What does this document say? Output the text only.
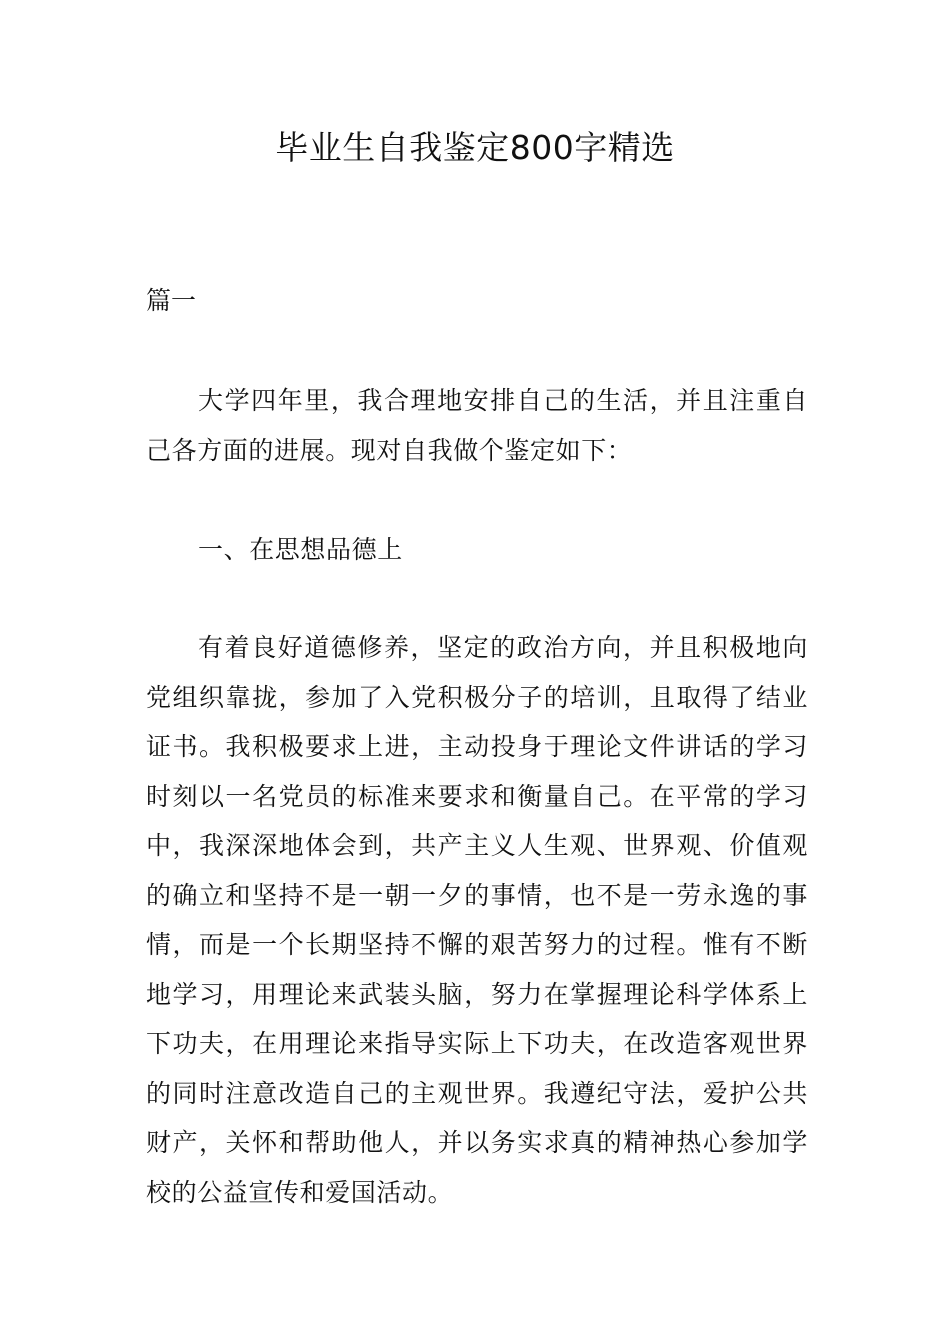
毕业生自我鉴定800字精选
篇一

大学四年里，我合理地安排自己的生活，并且注重自己各方面的进展。现对自我做个鉴定如下：

一、在思想品德上

有着良好道德修养，坚定的政治方向，并且积极地向党组织靠拢，参加了入党积极分子的培训，且取得了结业证书。我积极要求上进，主动投身于理论文件讲话的学习时刻以一名党员的标准来要求和衡量自己。在平常的学习中，我深深地体会到，共产主义人生观、世界观、价值观的确立和坚持不是一朝一夕的事情，也不是一劳永逸的事情，而是一个长期坚持不懈的艰苦努力的过程。惟有不断地学习，用理论来武装头脑，努力在掌握理论科学体系上下功夫，在用理论来指导实际上下功夫，在改造客观世界的同时注意改造自己的主观世界。我遵纪守法，爱护公共财产，关怀和帮助他人，并以务实求真的精神热心参加学校的公益宣传和爱国活动。
